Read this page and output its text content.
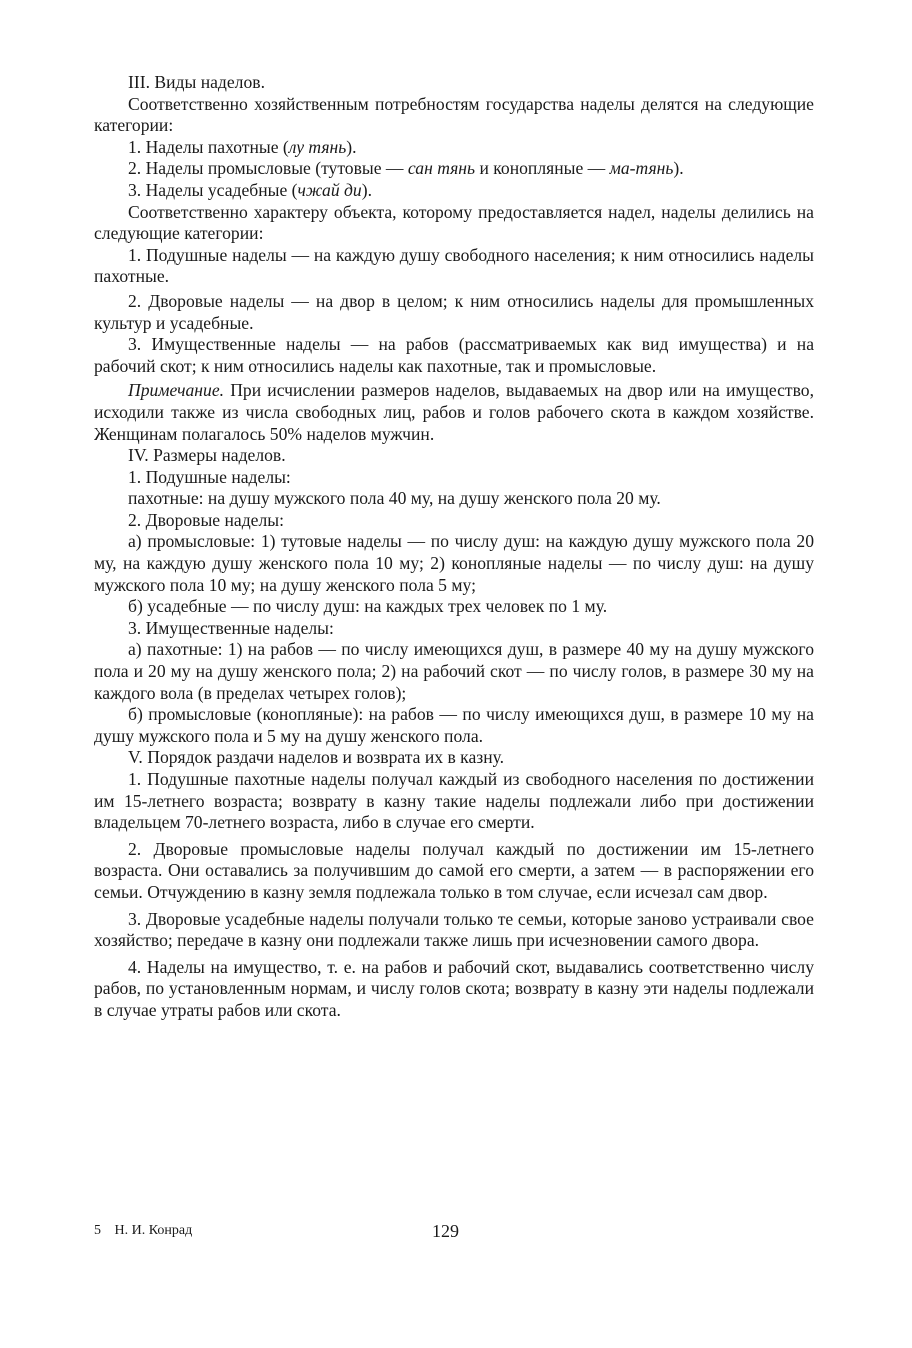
III. Виды наделов.

Соответственно хозяйственным потребностям государства наделы делятся на следующие категории:

1. Наделы пахотные (лу тянь).

2. Наделы промысловые (тутовые — сан тянь и конопляные — ма-тянь).

3. Наделы усадебные (чжай ди).

Соответственно характеру объекта, которому предоставляется надел, наделы делились на следующие категории:

1. Подушные наделы — на каждую душу свободного населения; к ним относились наделы пахотные.

2. Дворовые наделы — на двор в целом; к ним относились наделы для промышленных культур и усадебные.

3. Имущественные наделы — на рабов (рассматриваемых как вид имущества) и на рабочий скот; к ним относились наделы как пахотные, так и промысловые.

Примечание. При исчислении размеров наделов, выдаваемых на двор или на имущество, исходили также из числа свободных лиц, рабов и голов рабочего скота в каждом хозяйстве. Женщинам полагалось 50% наделов мужчин.

IV. Размеры наделов.

1. Подушные наделы:

пахотные: на душу мужского пола 40 му, на душу женского пола 20 му.

2. Дворовые наделы:

а) промысловые: 1) тутовые наделы — по числу душ: на каждую душу мужского пола 20 му, на каждую душу женского пола 10 му; 2) конопляные наделы — по числу душ: на душу мужского пола 10 му; на душу женского пола 5 му;

б) усадебные — по числу душ: на каждых трех человек по 1 му.

3. Имущественные наделы:

а) пахотные: 1) на рабов — по числу имеющихся душ, в размере 40 му на душу мужского пола и 20 му на душу женского пола; 2) на рабочий скот — по числу голов, в размере 30 му на каждого вола (в пределах четырех голов);

б) промысловые (конопляные): на рабов — по числу имеющихся душ, в размере 10 му на душу мужского пола и 5 му на душу женского пола.

V. Порядок раздачи наделов и возврата их в казну.

1. Подушные пахотные наделы получал каждый из свободного населения по достижении им 15-летнего возраста; возврату в казну такие наделы подлежали либо при достижении владельцем 70-летнего возраста, либо в случае его смерти.

2. Дворовые промысловые наделы получал каждый по достижении им 15-летнего возраста. Они оставались за получившим до самой его смерти, а затем — в распоряжении его семьи. Отчуждению в казну земля подлежала только в том случае, если исчезал сам двор.

3. Дворовые усадебные наделы получали только те семьи, которые заново устраивали свое хозяйство; передаче в казну они подлежали также лишь при исчезновении самого двора.

4. Наделы на имущество, т. е. на рабов и рабочий скот, выдавались соответственно числу рабов, по установленным нормам, и числу голов скота; возврату в казну эти наделы подлежали в случае утраты рабов или скота.

5 Н. И. Конрад	129
